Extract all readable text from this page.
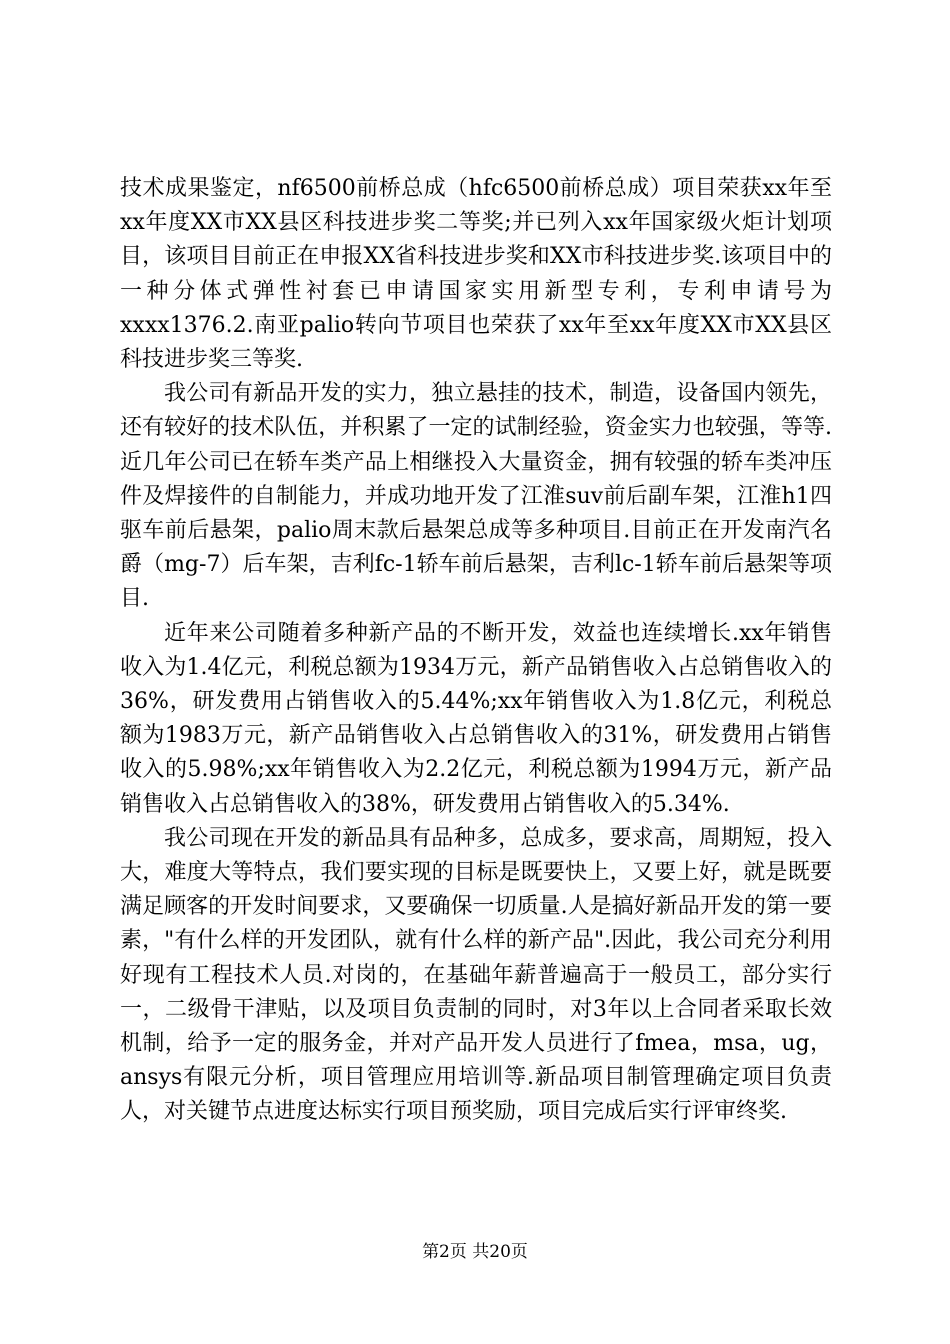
技术成果鉴定，nf6500前桥总成（hfc6500前桥总成）项目荣获xx年至xx年度XX市XX县区科技进步奖二等奖;并已列入xx年国家级火炬计划项目，该项目目前正在申报XX省科技进步奖和XX市科技进步奖.该项目中的一种分体式弹性衬套已申请国家实用新型专利，专利申请号为xxxx1376.2.南亚palio转向节项目也荣获了xx年至xx年度XX市XX县区科技进步奖三等奖.

我公司有新品开发的实力，独立悬挂的技术，制造，设备国内领先，还有较好的技术队伍，并积累了一定的试制经验，资金实力也较强，等等.近几年公司已在轿车类产品上相继投入大量资金，拥有较强的轿车类冲压件及焊接件的自制能力，并成功地开发了江淮suv前后副车架，江淮h1四驱车前后悬架，palio周末款后悬架总成等多种项目.目前正在开发南汽名爵（mg-7）后车架，吉利fc-1轿车前后悬架，吉利lc-1轿车前后悬架等项目.

近年来公司随着多种新产品的不断开发，效益也连续增长.xx年销售收入为1.4亿元，利税总额为1934万元，新产品销售收入占总销售收入的36%，研发费用占销售收入的5.44%;xx年销售收入为1.8亿元，利税总额为1983万元，新产品销售收入占总销售收入的31%，研发费用占销售收入的5.98%;xx年销售收入为2.2亿元，利税总额为1994万元，新产品销售收入占总销售收入的38%，研发费用占销售收入的5.34%.

我公司现在开发的新品具有品种多，总成多，要求高，周期短，投入大，难度大等特点，我们要实现的目标是既要快上，又要上好，就是既要满足顾客的开发时间要求，又要确保一切质量.人是搞好新品开发的第一要素，"有什么样的开发团队，就有什么样的新产品".因此，我公司充分利用好现有工程技术人员.对岗的，在基础年薪普遍高于一般员工，部分实行一，二级骨干津贴，以及项目负责制的同时，对3年以上合同者采取长效机制，给予一定的服务金，并对产品开发人员进行了fmea，msa，ug，ansys有限元分析，项目管理应用培训等.新品项目制管理确定项目负责人，对关键节点进度达标实行项目预奖励，项目完成后实行评审终奖.

第2页 共20页
